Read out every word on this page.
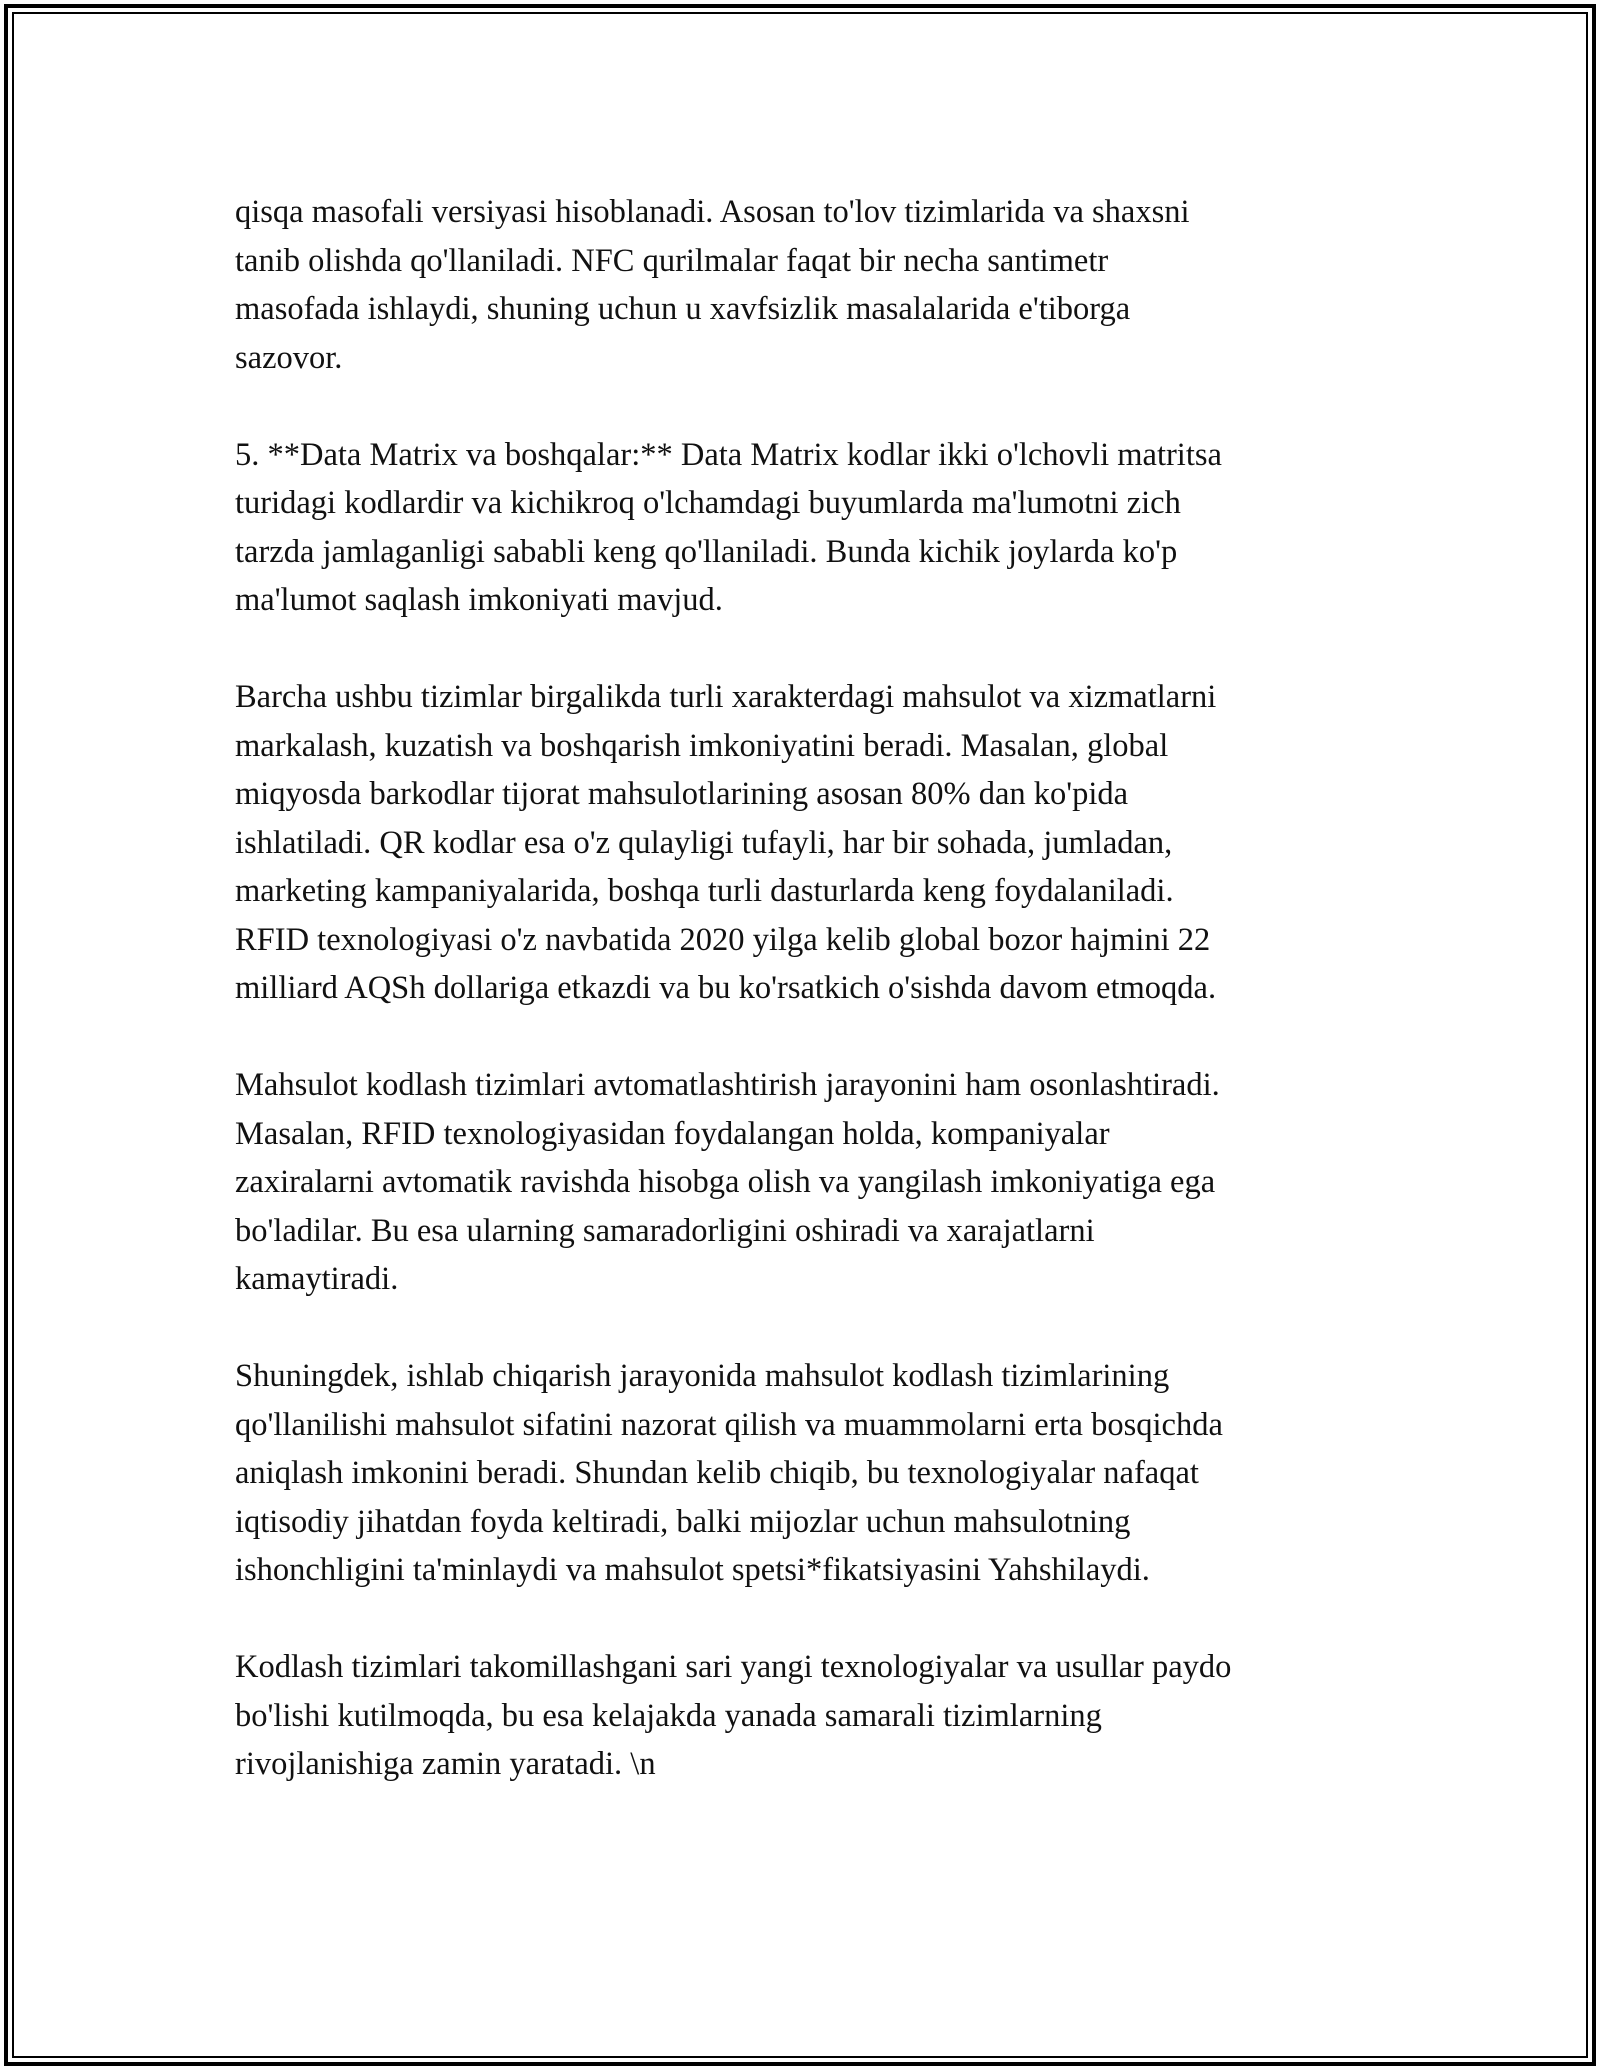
qisqa masofali versiyasi hisoblanadi. Asosan to'lov tizimlarida va shaxsni
tanib olishda qo'llaniladi. NFC qurilmalar faqat bir necha santimetr
masofada ishlaydi, shuning uchun u xavfsizlik masalalarida e'tiborga
sazovor.

5. **Data Matrix va boshqalar:** Data Matrix kodlar ikki o'lchovli matritsa
turidagi kodlardir va kichikroq o'lchamdagi buyumlarda ma'lumotni zich
tarzda jamlaganligi sababli keng qo'llaniladi. Bunda kichik joylarda ko'p
ma'lumot saqlash imkoniyati mavjud.

Barcha ushbu tizimlar birgalikda turli xarakterdagi mahsulot va xizmatlarni
markalash, kuzatish va boshqarish imkoniyatini beradi. Masalan, global
miqyosda barkodlar tijorat mahsulotlarining asosan 80% dan ko'pida
ishlatiladi. QR kodlar esa o'z qulayligi tufayli, har bir sohada, jumladan,
marketing kampaniyalarida, boshqa turli dasturlarda keng foydalaniladi.
RFID texnologiyasi o'z navbatida 2020 yilga kelib global bozor hajmini 22
milliard AQSh dollariga etkazdi va bu ko'rsatkich o'sishda davom etmoqda.

Mahsulot kodlash tizimlari avtomatlashtirish jarayonini ham osonlashtiradi.
Masalan, RFID texnologiyasidan foydalangan holda, kompaniyalar
zaxiralarni avtomatik ravishda hisobga olish va yangilash imkoniyatiga ega
bo'ladilar. Bu esa ularning samaradorligini oshiradi va xarajatlarni
kamaytiradi.

Shuningdek, ishlab chiqarish jarayonida mahsulot kodlash tizimlarining
qo'llanilishi mahsulot sifatini nazorat qilish va muammolarni erta bosqichda
aniqlash imkonini beradi. Shundan kelib chiqib, bu texnologiyalar nafaqat
iqtisodiy jihatdan foyda keltiradi, balki mijozlar uchun mahsulotning
ishonchligini ta'minlaydi va mahsulot spetsi*fikatsiyasini Yahshilaydi.

Kodlash tizimlari takomillashgani sari yangi texnologiyalar va usullar paydo
bo'lishi kutilmoqda, bu esa kelajakda yanada samarali tizimlarning
rivojlanishiga zamin yaratadi. \n
